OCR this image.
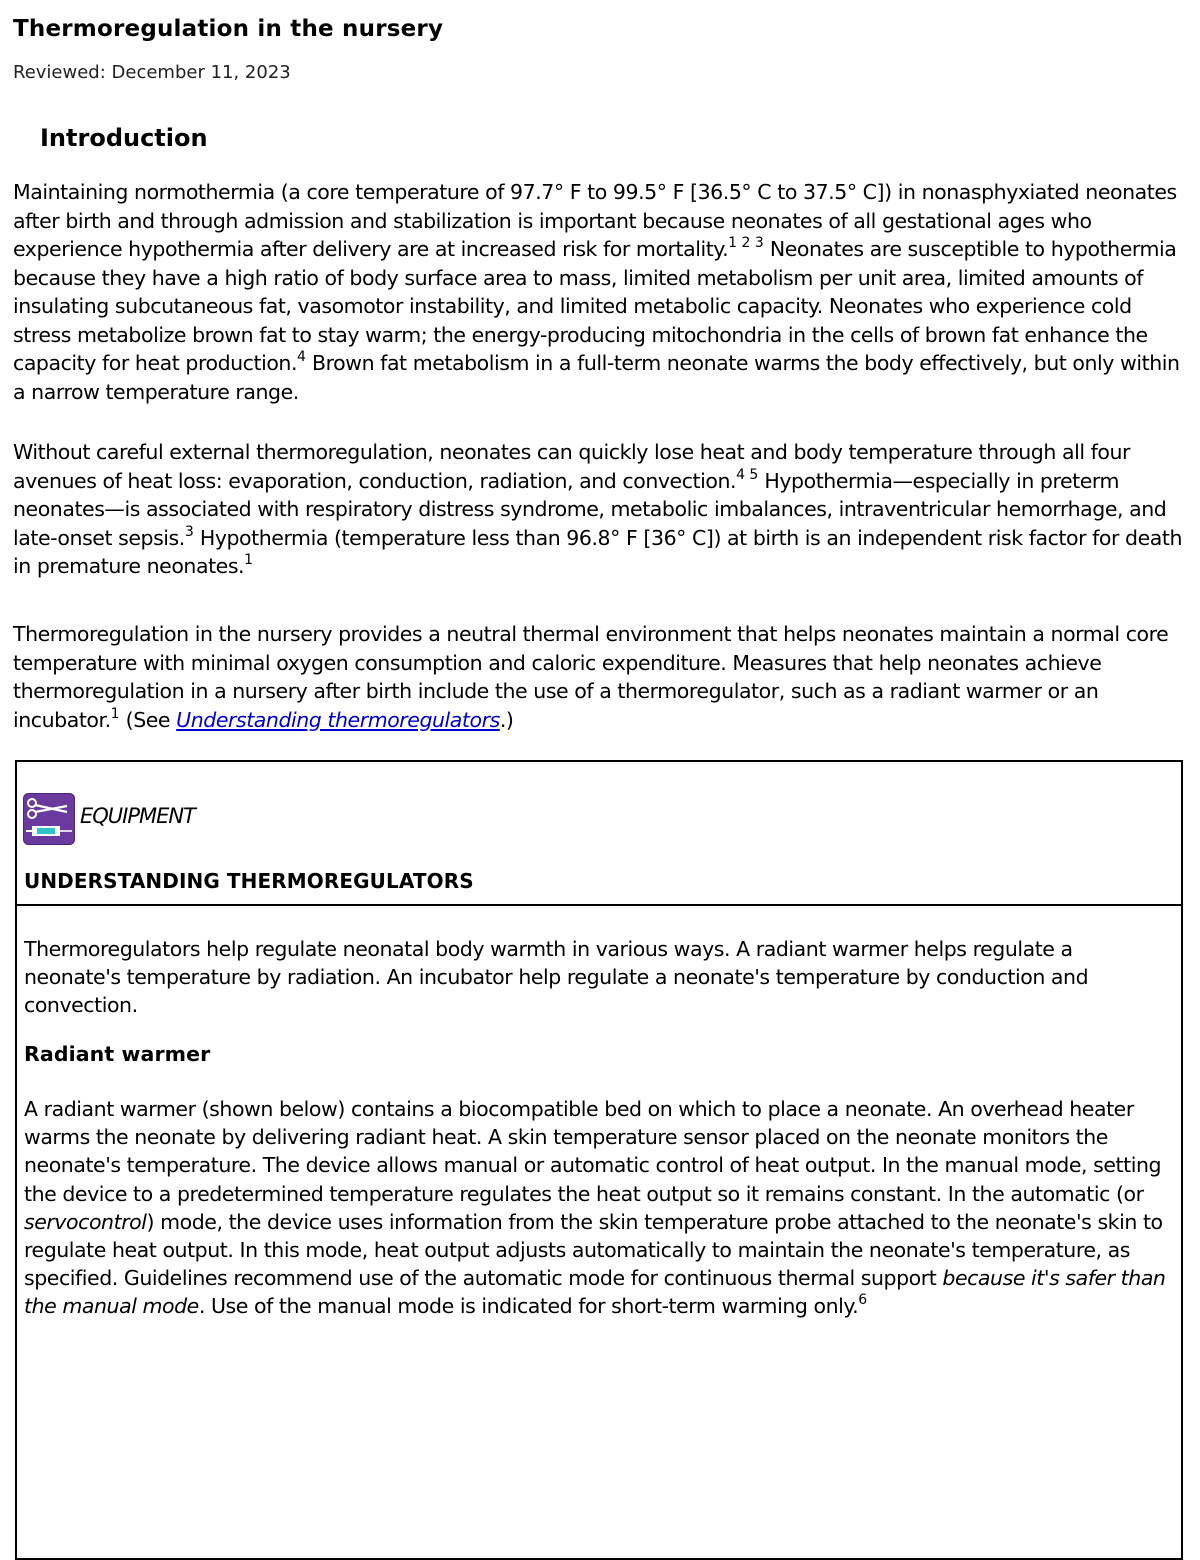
Thermoregulation in the nursery
Reviewed: December 11, 2023
Introduction

Maintaining normothermia (a core temperature of 97.7° F to 99.5° F [36.5° C to 37.5° C]) in nonasphyxiated neonates after birth and through admission and stabilization is important because neonates of all gestational ages who experience hypothermia after delivery are at increased risk for mortality.$^{1 2 3}$ Neonates are susceptible to hypothermia because they have a high ratio of body surface area to mass, limited metabolism per unit area, limited amounts of insulating subcutaneous fat, vasomotor instability, and limited metabolic capacity. Neonates who experience cold stress metabolize brown fat to stay warm; the energy-producing mitochondria in the cells of brown fat enhance the capacity for heat production.$^4$ Brown fat metabolism in a full-term neonate warms the body effectively, but only within a narrow temperature range.

Without careful external thermoregulation, neonates can quickly lose heat and body temperature through all four avenues of heat loss: evaporation, conduction, radiation, and convection.$^{4 5}$ Hypothermia—especially in preterm neonates—is associated with respiratory distress syndrome, metabolic imbalances, intraventricular hemorrhage, and late-onset sepsis.$^3$ Hypothermia (temperature less than 96.8° F [36° C]) at birth is an independent risk factor for death in premature neonates.$^1$

Thermoregulation in the nursery provides a neutral thermal environment that helps neonates maintain a normal core temperature with minimal oxygen consumption and caloric expenditure. Measures that help neonates achieve thermoregulation in a nursery after birth include the use of a thermoregulator, such as a radiant warmer or an incubator.$^1$ (See Understanding thermoregulators.)

EQUIPMENT
UNDERSTANDING THERMOREGULATORS

Thermoregulators help regulate neonatal body warmth in various ways. A radiant warmer helps regulate a neonate's temperature by radiation. An incubator help regulate a neonate's temperature by conduction and convection.

Radiant warmer

A radiant warmer (shown below) contains a biocompatible bed on which to place a neonate. An overhead heater warms the neonate by delivering radiant heat. A skin temperature sensor placed on the neonate monitors the neonate's temperature. The device allows manual or automatic control of heat output. In the manual mode, setting the device to a predetermined temperature regulates the heat output so it remains constant. In the automatic (or servocontrol) mode, the device uses information from the skin temperature probe attached to the neonate's skin to regulate heat output. In this mode, heat output adjusts automatically to maintain the neonate's temperature, as specified. Guidelines recommend use of the automatic mode for continuous thermal support because it's safer than the manual mode. Use of the manual mode is indicated for short-term warming only.$^6$
